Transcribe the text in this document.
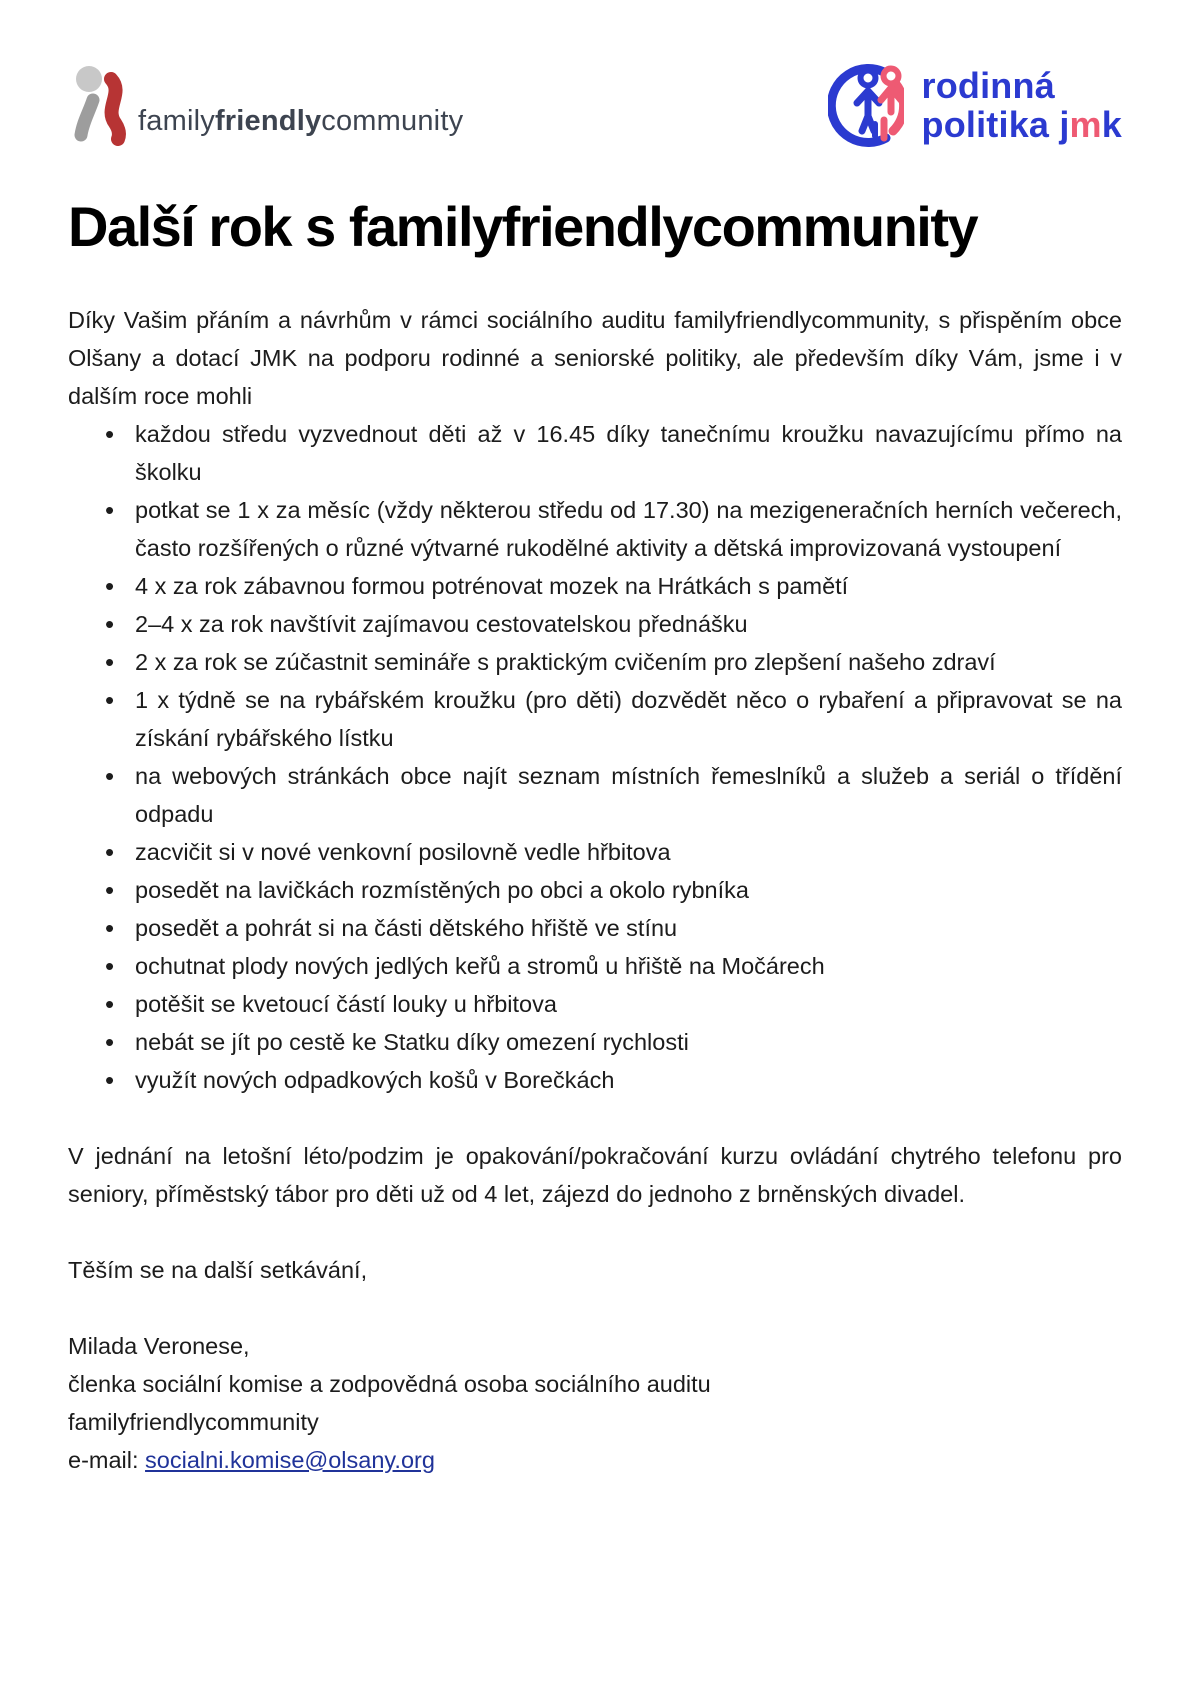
familyfriendlycommunity
rodinná
politika jmk
Další rok s familyfriendlycommunity

Díky Vašim přáním a návrhům v rámci sociálního auditu familyfriendlycommunity, s přispěním obce Olšany a dotací JMK na podporu rodinné a seniorské politiky, ale především díky Vám, jsme i v dalším roce mohli

• každou středu vyzvednout děti až v 16.45 díky tanečnímu kroužku navazujícímu přímo na školku
• potkat se 1 x za měsíc (vždy některou středu od 17.30) na mezigeneračních herních večerech, často rozšířených o různé výtvarné rukodělné aktivity a dětská improvizovaná vystoupení
• 4 x za rok zábavnou formou potrénovat mozek na Hrátkách s pamětí
• 2–4 x za rok navštívit zajímavou cestovatelskou přednášku
• 2 x za rok se zúčastnit semináře s praktickým cvičením pro zlepšení našeho zdraví
• 1 x týdně se na rybářském kroužku (pro děti) dozvědět něco o rybaření a připravovat se na získání rybářského lístku
• na webových stránkách obce najít seznam místních řemeslníků a služeb a seriál o třídění odpadu
• zacvičit si v nové venkovní posilovně vedle hřbitova
• posedět na lavičkách rozmístěných po obci a okolo rybníka
• posedět a pohrát si na části dětského hřiště ve stínu
• ochutnat plody nových jedlých keřů a stromů u hřiště na Močárech
• potěšit se kvetoucí částí louky u hřbitova
• nebát se jít po cestě ke Statku díky omezení rychlosti
• využít nových odpadkových košů v Borečkách

V jednání na letošní léto/podzim je opakování/pokračování kurzu ovládání chytrého telefonu pro seniory, příměstský tábor pro děti už od 4 let, zájezd do jednoho z brněnských divadel.

Těším se na další setkávání,

Milada Veronese,
členka sociální komise a zodpovědná osoba sociálního auditu
familyfriendlycommunity
e-mail: socialni.komise@olsany.org
